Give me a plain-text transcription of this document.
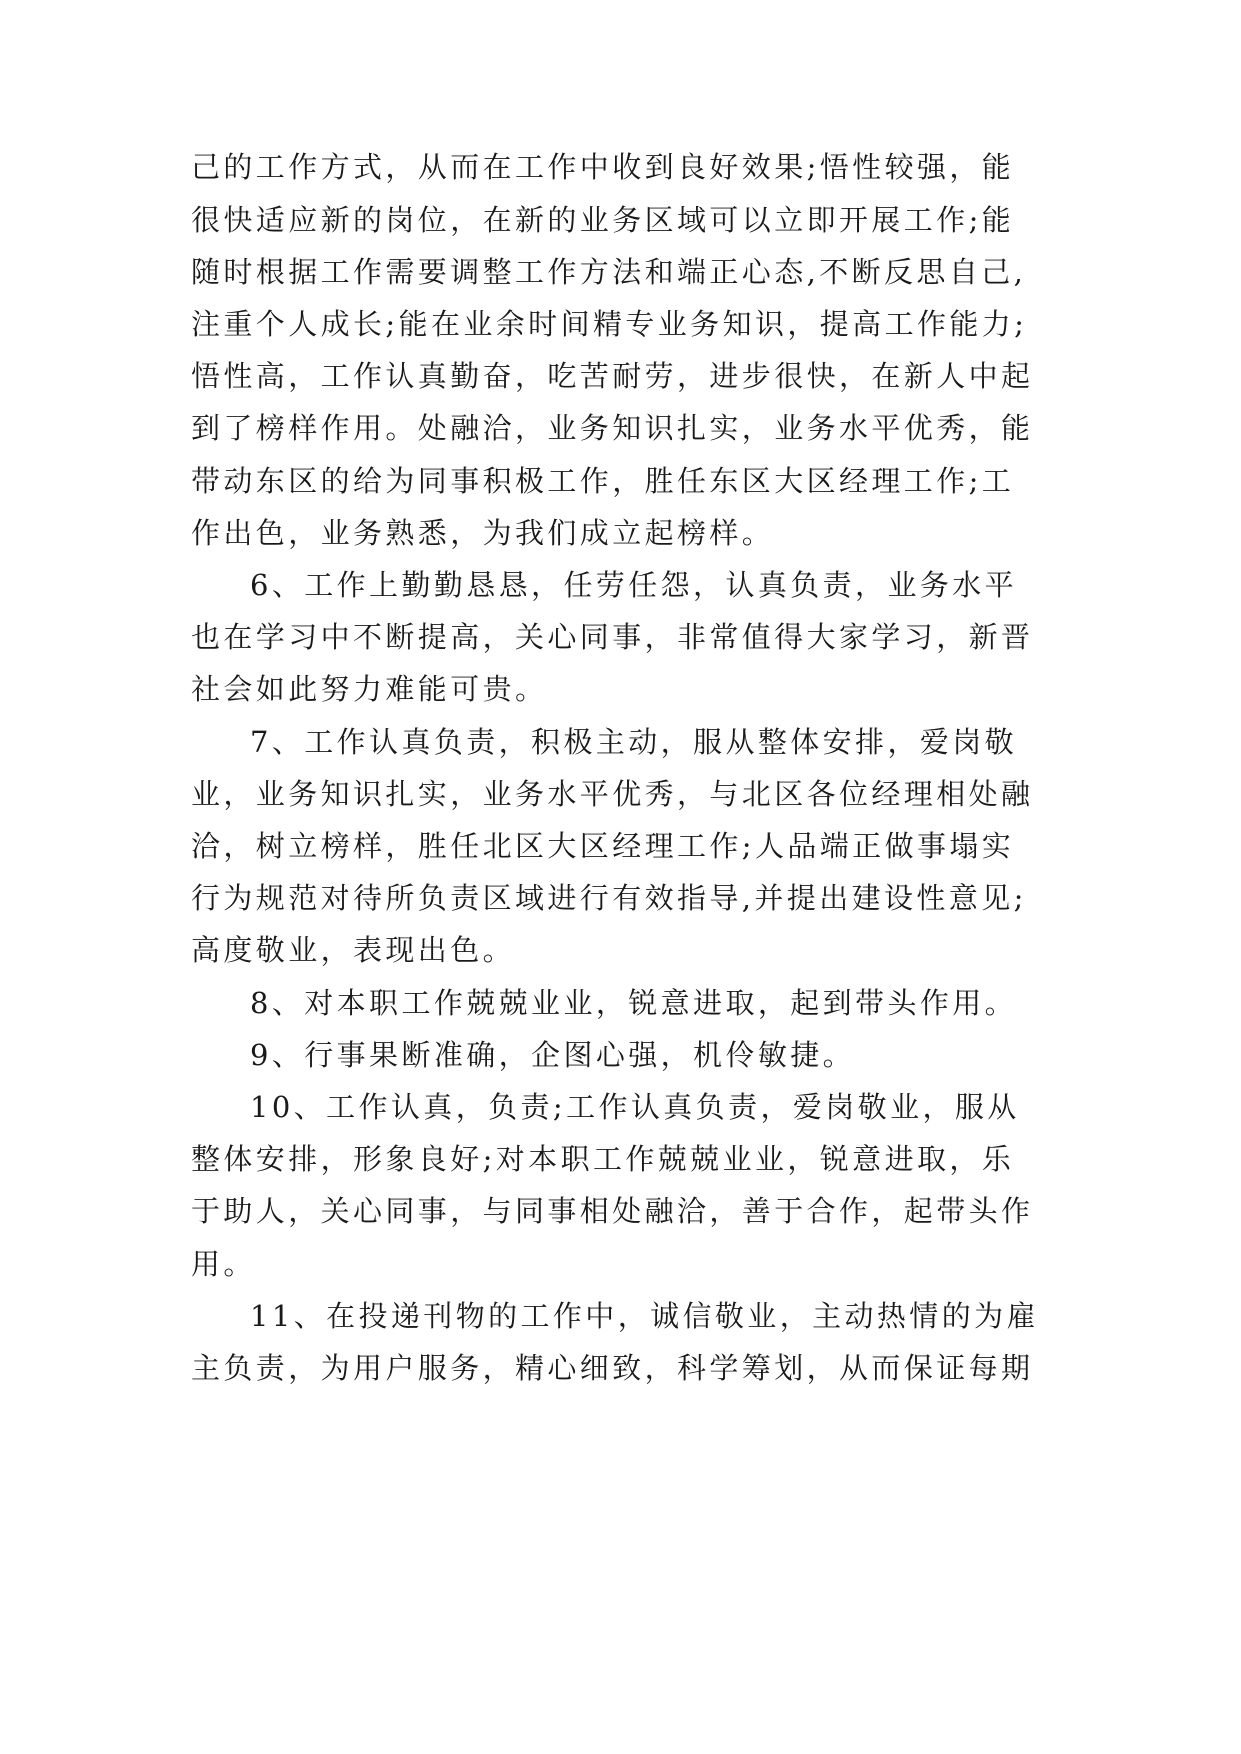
己的工作方式，从而在工作中收到良好效果;悟性较强，能
很快适应新的岗位，在新的业务区域可以立即开展工作;能
随时根据工作需要调整工作方法和端正心态,不断反思自己,
注重个人成长;能在业余时间精专业务知识，提高工作能力;
悟性高，工作认真勤奋，吃苦耐劳，进步很快，在新人中起
到了榜样作用。处融洽，业务知识扎实，业务水平优秀，能
带动东区的给为同事积极工作，胜任东区大区经理工作;工
作出色，业务熟悉，为我们成立起榜样。
6、工作上勤勤恳恳，任劳任怨，认真负责，业务水平
也在学习中不断提高，关心同事，非常值得大家学习，新晋
社会如此努力难能可贵。
7、工作认真负责，积极主动，服从整体安排，爱岗敬
业，业务知识扎实，业务水平优秀，与北区各位经理相处融
洽，树立榜样，胜任北区大区经理工作;人品端正做事塌实
行为规范对待所负责区域进行有效指导,并提出建设性意见;
高度敬业，表现出色。
8、对本职工作兢兢业业，锐意进取，起到带头作用。
9、行事果断准确，企图心强，机伶敏捷。
10、工作认真，负责;工作认真负责，爱岗敬业，服从
整体安排，形象良好;对本职工作兢兢业业，锐意进取，乐
于助人，关心同事，与同事相处融洽，善于合作，起带头作
用。
11、在投递刊物的工作中，诚信敬业，主动热情的为雇
主负责，为用户服务，精心细致，科学筹划，从而保证每期
